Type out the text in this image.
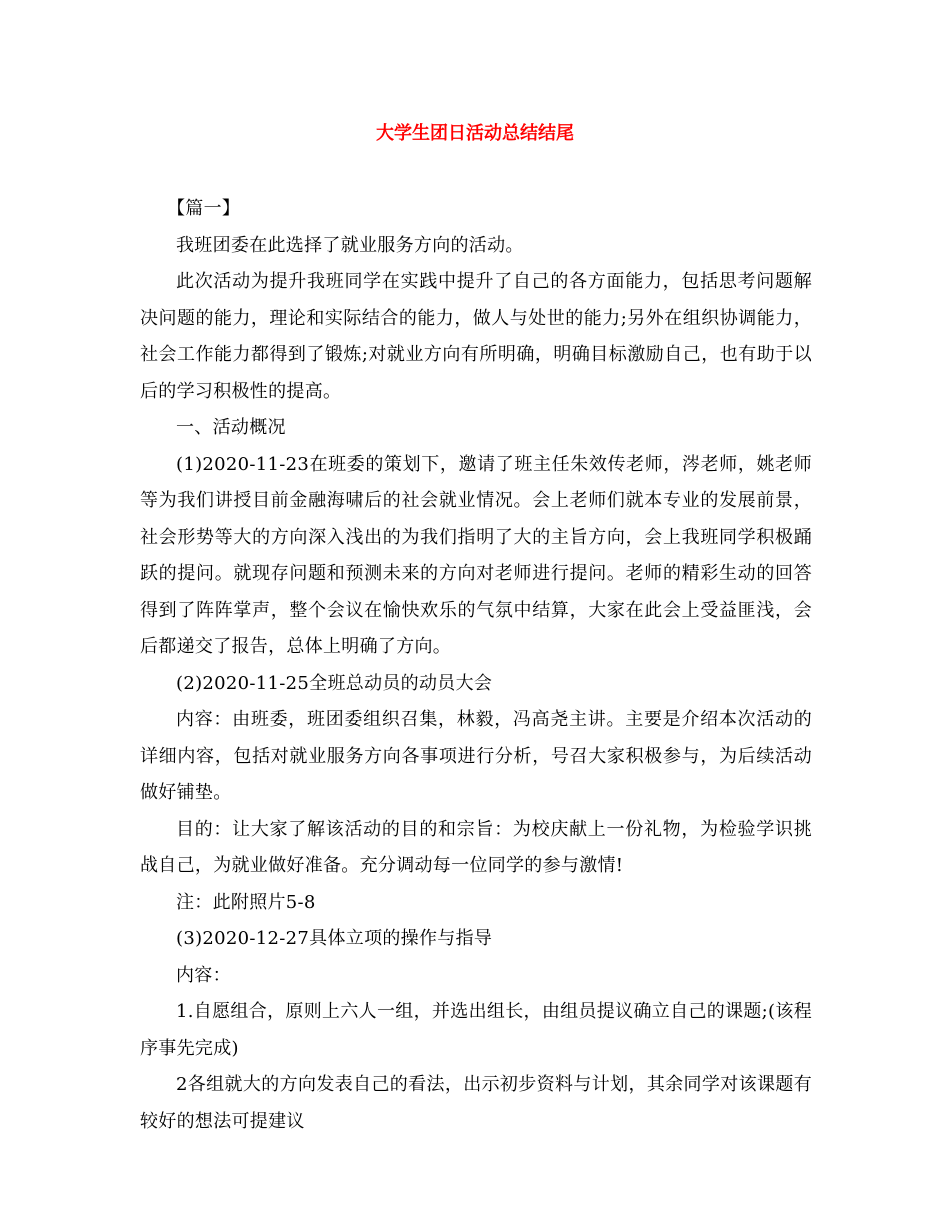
大学生团日活动总结结尾

【篇一】

我班团委在此选择了就业服务方向的活动。

此次活动为提升我班同学在实践中提升了自己的各方面能力，包括思考问题解决问题的能力，理论和实际结合的能力，做人与处世的能力;另外在组织协调能力，社会工作能力都得到了锻炼;对就业方向有所明确，明确目标激励自己，也有助于以后的学习积极性的提高。

一、活动概况

(1)2020-11-23在班委的策划下，邀请了班主任朱效传老师，涔老师，姚老师等为我们讲授目前金融海啸后的社会就业情况。会上老师们就本专业的发展前景，社会形势等大的方向深入浅出的为我们指明了大的主旨方向，会上我班同学积极踊跃的提问。就现存问题和预测未来的方向对老师进行提问。老师的精彩生动的回答得到了阵阵掌声，整个会议在愉快欢乐的气氛中结算，大家在此会上受益匪浅，会后都递交了报告，总体上明确了方向。

(2)2020-11-25全班总动员的动员大会

内容：由班委，班团委组织召集，林毅，冯高尧主讲。主要是介绍本次活动的详细内容，包括对就业服务方向各事项进行分析，号召大家积极参与，为后续活动做好铺垫。

目的：让大家了解该活动的目的和宗旨：为校庆献上一份礼物，为检验学识挑战自己，为就业做好准备。充分调动每一位同学的参与激情!

注：此附照片5-8

(3)2020-12-27具体立项的操作与指导

内容：

1.自愿组合，原则上六人一组，并选出组长，由组员提议确立自己的课题;(该程序事先完成)

2各组就大的方向发表自己的看法，出示初步资料与计划，其余同学对该课题有较好的想法可提建议
